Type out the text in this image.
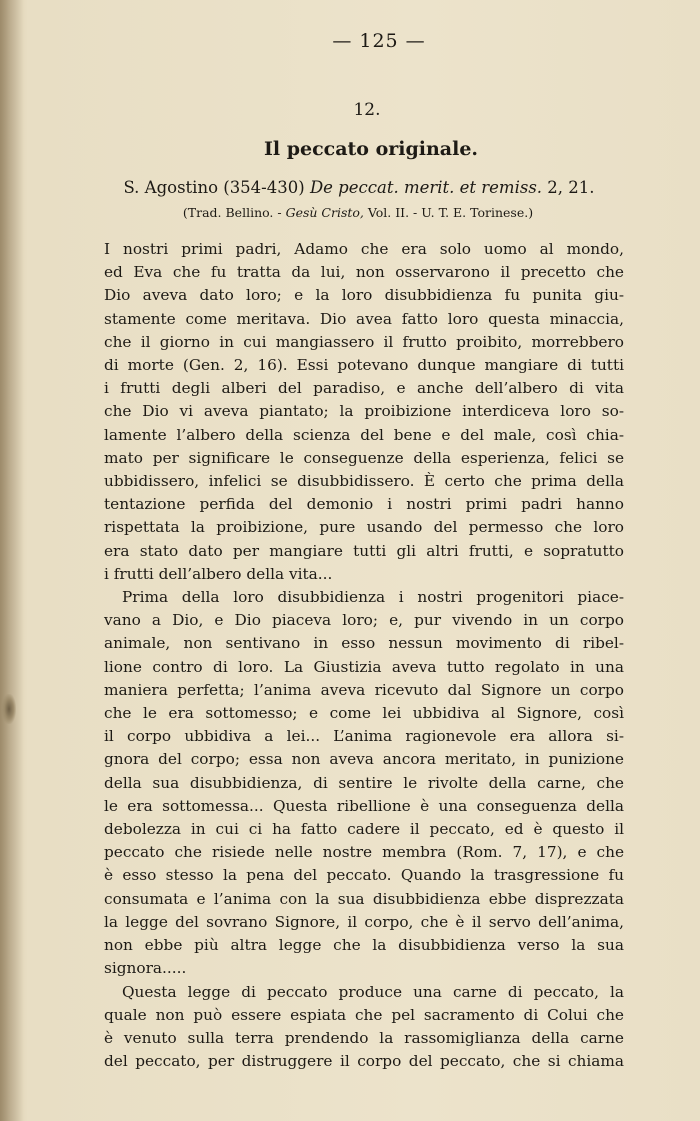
— 125 —
12.
Il peccato originale.
S. Agostino (354-430) De peccat. merit. et remiss. 2, 21.
(Trad. Bellino. - Gesù Cristo, Vol. II. - U. T. E. Torinese.)
I nostri primi padri, Adamo che era solo uomo al mondo,
ed Eva che fu tratta da lui, non osservarono il precetto che
Dio aveva dato loro; e la loro disubbidienza fu punita giu-
stamente come meritava. Dio avea fatto loro questa minaccia,
che il giorno in cui mangiassero il frutto proibito, morrebbero
di morte (Gen. 2, 16). Essi potevano dunque mangiare di tutti
i frutti degli alberi del paradiso, e anche dell’albero di vita
che Dio vi aveva piantato; la proibizione interdiceva loro so-
lamente l’albero della scienza del bene e del male, così chia-
mato per significare le conseguenze della esperienza, felici se
ubbidissero, infelici se disubbidissero. È certo che prima della
tentazione perfida del demonio i nostri primi padri hanno
rispettata la proibizione, pure usando del permesso che loro
era stato dato per mangiare tutti gli altri frutti, e sopratutto
i frutti dell’albero della vita...
Prima della loro disubbidienza i nostri progenitori piace-
vano a Dio, e Dio piaceva loro; e, pur vivendo in un corpo
animale, non sentivano in esso nessun movimento di ribel-
lione contro di loro. La Giustizia aveva tutto regolato in una
maniera perfetta; l’anima aveva ricevuto dal Signore un corpo
che le era sottomesso; e come lei ubbidiva al Signore, così
il corpo ubbidiva a lei... L’anima ragionevole era allora si-
gnora del corpo; essa non aveva ancora meritato, in punizione
della sua disubbidienza, di sentire le rivolte della carne, che
le era sottomessa... Questa ribellione è una conseguenza della
debolezza in cui ci ha fatto cadere il peccato, ed è questo il
peccato che risiede nelle nostre membra (Rom. 7, 17), e che
è esso stesso la pena del peccato. Quando la trasgressione fu
consumata e l’anima con la sua disubbidienza ebbe disprezzata
la legge del sovrano Signore, il corpo, che è il servo dell’anima,
non ebbe più altra legge che la disubbidienza verso la sua
signora.....
Questa legge di peccato produce una carne di peccato, la
quale non può essere espiata che pel sacramento di Colui che
è venuto sulla terra prendendo la rassomiglianza della carne
del peccato, per distruggere il corpo del peccato, che si chiama
